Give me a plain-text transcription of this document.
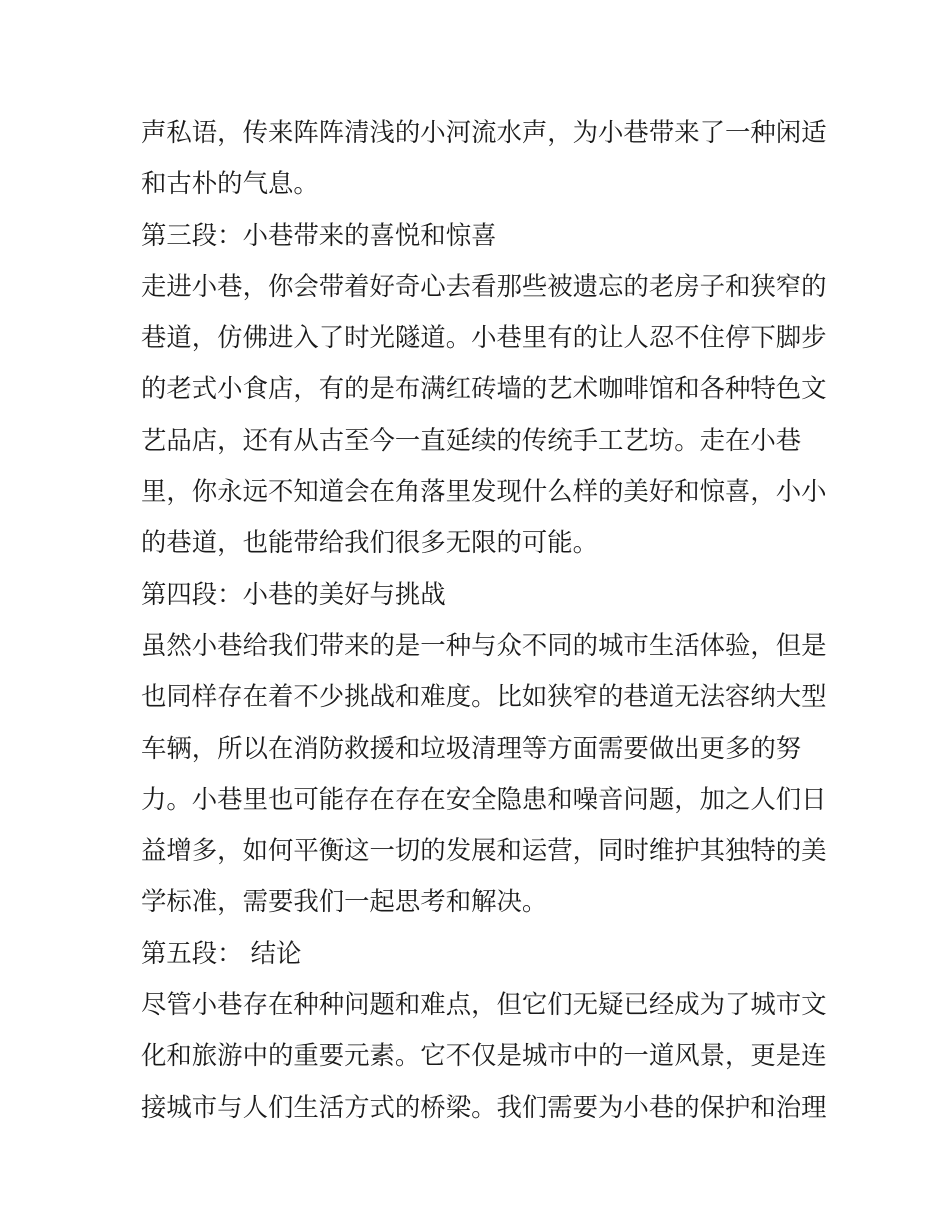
声私语，传来阵阵清浅的小河流水声，为小巷带来了一种闲适
和古朴的气息。
第三段：小巷带来的喜悦和惊喜
走进小巷，你会带着好奇心去看那些被遗忘的老房子和狭窄的
巷道，仿佛进入了时光隧道。小巷里有的让人忍不住停下脚步
的老式小食店，有的是布满红砖墙的艺术咖啡馆和各种特色文
艺品店，还有从古至今一直延续的传统手工艺坊。走在小巷
里，你永远不知道会在角落里发现什么样的美好和惊喜，小小
的巷道，也能带给我们很多无限的可能。
第四段：小巷的美好与挑战
虽然小巷给我们带来的是一种与众不同的城市生活体验，但是
也同样存在着不少挑战和难度。比如狭窄的巷道无法容纳大型
车辆，所以在消防救援和垃圾清理等方面需要做出更多的努
力。小巷里也可能存在存在安全隐患和噪音问题，加之人们日
益增多，如何平衡这一切的发展和运营，同时维护其独特的美
学标准，需要我们一起思考和解决。
第五段： 结论
尽管小巷存在种种问题和难点，但它们无疑已经成为了城市文
化和旅游中的重要元素。它不仅是城市中的一道风景，更是连
接城市与人们生活方式的桥梁。我们需要为小巷的保护和治理
